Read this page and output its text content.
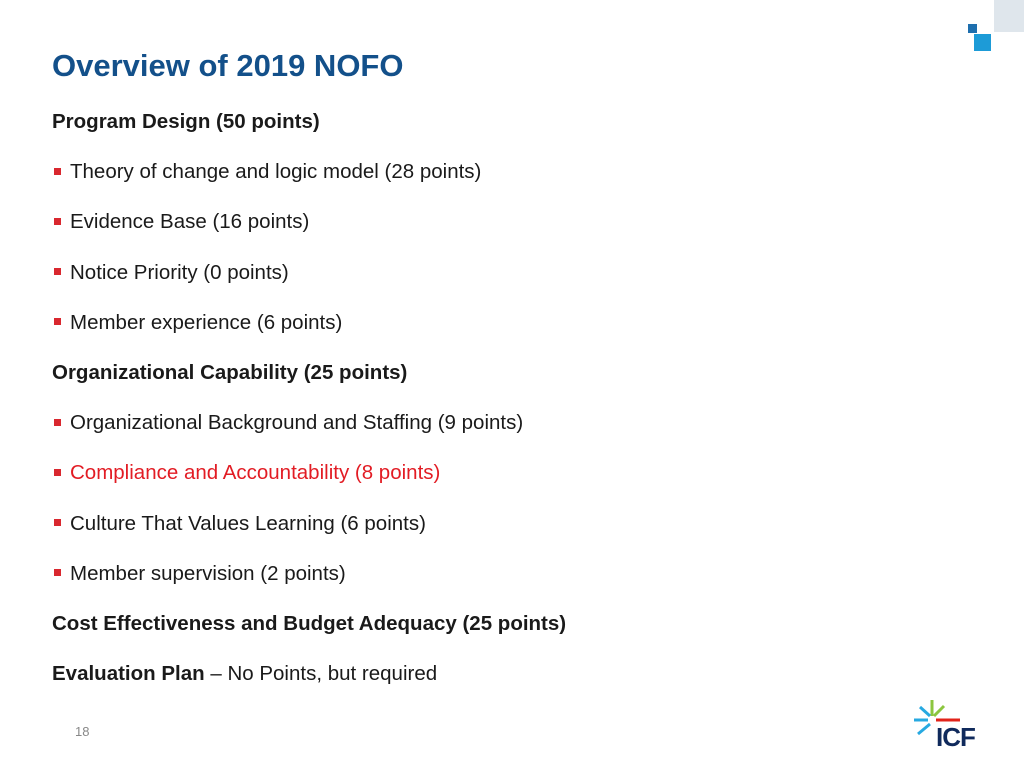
Overview of 2019 NOFO
Program Design (50 points)
Theory of change and logic model (28 points)
Evidence Base (16 points)
Notice Priority (0 points)
Member experience (6 points)
Organizational Capability (25 points)
Organizational Background and Staffing (9 points)
Compliance and Accountability (8 points)
Culture That Values Learning (6 points)
Member supervision (2 points)
Cost Effectiveness and Budget Adequacy (25 points)
Evaluation Plan – No Points, but required
18	ICF
